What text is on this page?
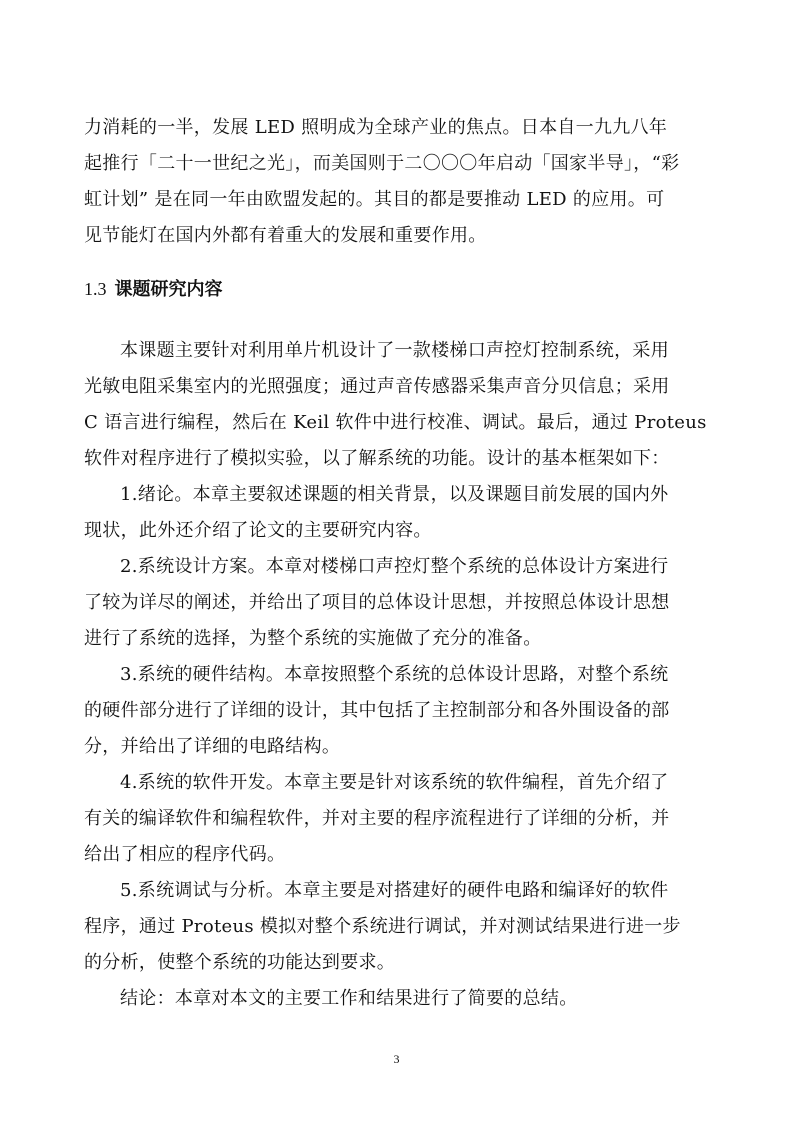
力消耗的一半，发展 LED 照明成为全球产业的焦点。日本自一九九八年
起推行「二十一世纪之光」，而美国则于二〇〇〇年启动「国家半导」，“彩
虹计划” 是在同一年由欧盟发起的。其目的都是要推动 LED 的应用。可
见节能灯在国内外都有着重大的发展和重要作用。
1.3 课题研究内容
本课题主要针对利用单片机设计了一款楼梯口声控灯控制系统，采用
光敏电阻采集室内的光照强度；通过声音传感器采集声音分贝信息；采用
C 语言进行编程，然后在 Keil 软件中进行校准、调试。最后，通过 Proteus
软件对程序进行了模拟实验，以了解系统的功能。设计的基本框架如下：
1.绪论。本章主要叙述课题的相关背景，以及课题目前发展的国内外
现状，此外还介绍了论文的主要研究内容。
2.系统设计方案。本章对楼梯口声控灯整个系统的总体设计方案进行
了较为详尽的阐述，并给出了项目的总体设计思想，并按照总体设计思想
进行了系统的选择，为整个系统的实施做了充分的准备。
3.系统的硬件结构。本章按照整个系统的总体设计思路，对整个系统
的硬件部分进行了详细的设计，其中包括了主控制部分和各外围设备的部
分，并给出了详细的电路结构。
4.系统的软件开发。本章主要是针对该系统的软件编程，首先介绍了
有关的编译软件和编程软件，并对主要的程序流程进行了详细的分析，并
给出了相应的程序代码。
5.系统调试与分析。本章主要是对搭建好的硬件电路和编译好的软件
程序，通过 Proteus 模拟对整个系统进行调试，并对测试结果进行进一步
的分析，使整个系统的功能达到要求。
结论：本章对本文的主要工作和结果进行了简要的总结。
3
